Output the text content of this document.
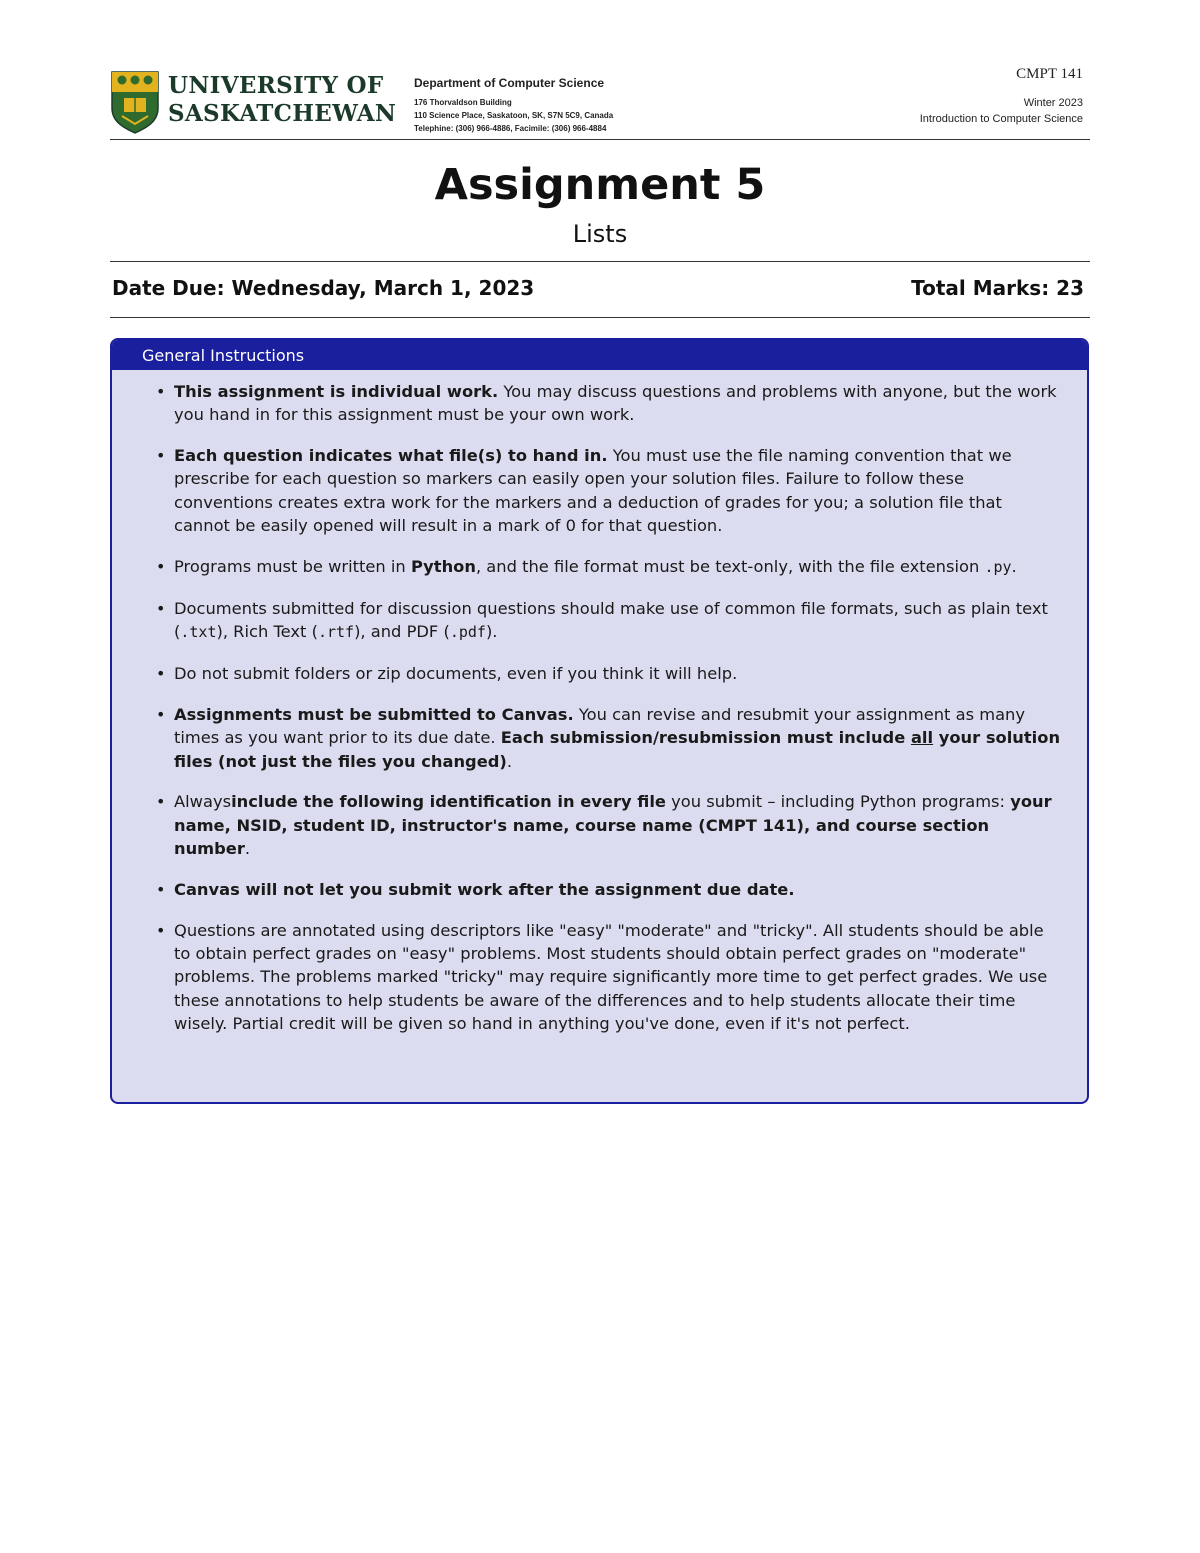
UNIVERSITY OF
SASKATCHEWAN
Department of Computer Science
176 Thorvaldson Building
110 Science Place, Saskatoon, SK, S7N 5C9, Canada
Telephine: (306) 966-4886, Facimile: (306) 966-4884
CMPT 141
Winter 2023
Introduction to Computer Science
Assignment 5
Lists
Date Due: Wednesday, March 1, 2023	Total Marks: 23
General Instructions
• This assignment is individual work. You may discuss questions and problems with anyone, but the work you hand in for this assignment must be your own work.
• Each question indicates what file(s) to hand in. You must use the file naming convention that we prescribe for each question so markers can easily open your solution files. Failure to follow these conventions creates extra work for the markers and a deduction of grades for you; a solution file that cannot be easily opened will result in a mark of 0 for that question.
• Programs must be written in Python, and the file format must be text-only, with the file extension .py.
• Documents submitted for discussion questions should make use of common file formats, such as plain text (.txt), Rich Text (.rtf), and PDF (.pdf).
• Do not submit folders or zip documents, even if you think it will help.
• Assignments must be submitted to Canvas. You can revise and resubmit your assignment as many times as you want prior to its due date. Each submission/resubmission must include all your solution files (not just the files you changed).
• Alwaysinclude the following identification in every file you submit – including Python programs: your name, NSID, student ID, instructor's name, course name (CMPT 141), and course section number.
• Canvas will not let you submit work after the assignment due date.
• Questions are annotated using descriptors like "easy" "moderate" and "tricky". All students should be able to obtain perfect grades on "easy" problems. Most students should obtain perfect grades on "moderate" problems. The problems marked "tricky" may require significantly more time to get perfect grades. We use these annotations to help students be aware of the differences and to help students allocate their time wisely. Partial credit will be given so hand in anything you've done, even if it's not perfect.
